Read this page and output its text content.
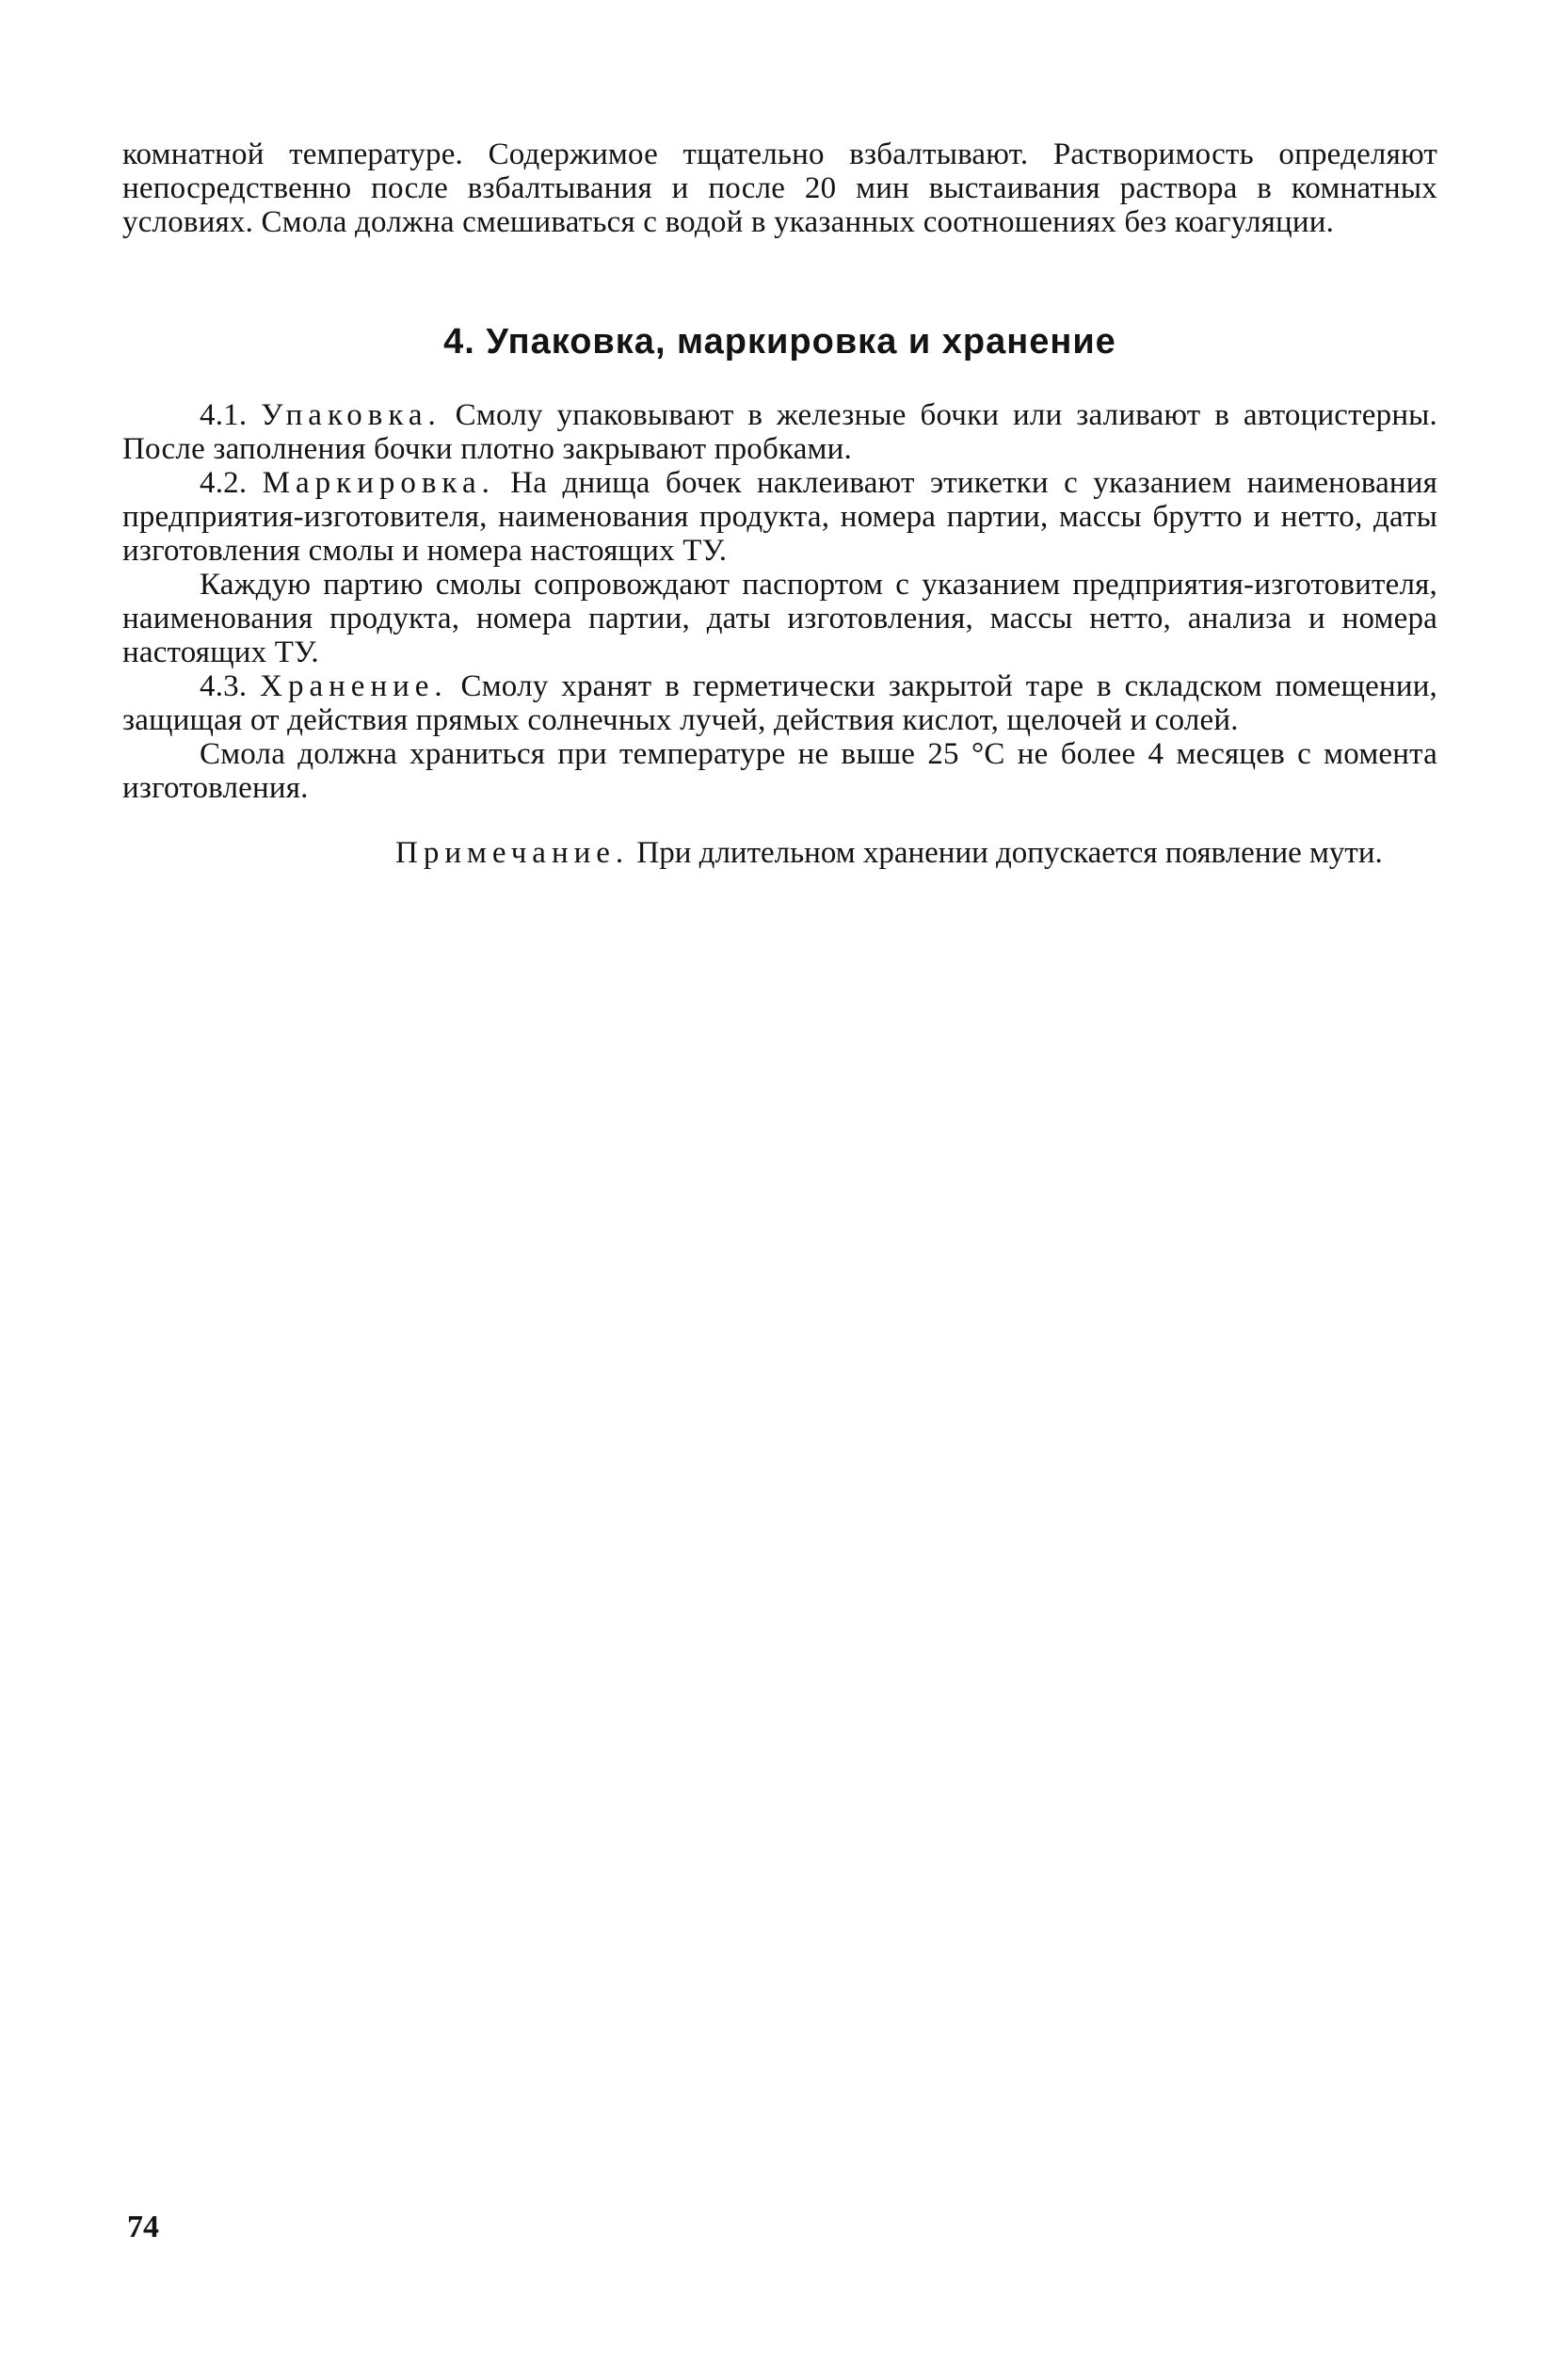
комнатной температуре. Содержимое тщательно взбалтывают. Растворимость определяют непосредственно после взбалтывания и после 20 мин выстаивания раствора в комнатных условиях. Смола должна смешиваться с водой в указанных соотношениях без коагуляции.

4. Упаковка, маркировка и хранение

4.1. Упаковка. Смолу упаковывают в железные бочки или заливают в автоцистерны. После заполнения бочки плотно закрывают пробками.

4.2. Маркировка. На днища бочек наклеивают этикетки с указанием наименования предприятия-изготовителя, наименования продукта, номера партии, массы брутто и нетто, даты изготовления смолы и номера настоящих ТУ.

Каждую партию смолы сопровождают паспортом с указанием предприятия-изготовителя, наименования продукта, номера партии, даты изготовления, массы нетто, анализа и номера настоящих ТУ.

4.3. Хранение. Смолу хранят в герметически закрытой таре в складском помещении, защищая от действия прямых солнечных лучей, действия кислот, щелочей и солей.

Смола должна храниться при температуре не выше 25 °С не более 4 месяцев с момента изготовления.

Примечание. При длительном хранении допускается появление мути.

74
